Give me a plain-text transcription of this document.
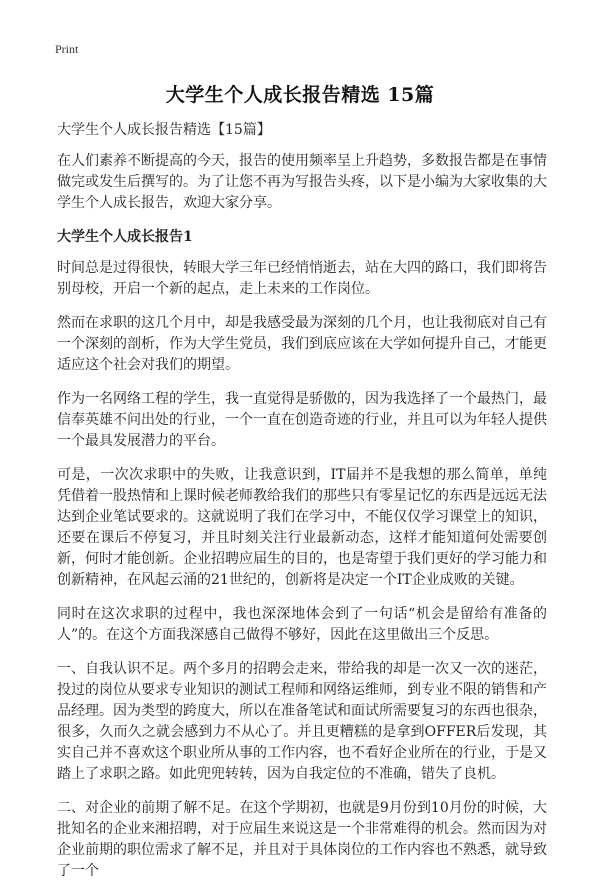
Print
大学生个人成长报告精选 15篇

大学生个人成长报告精选【15篇】

在人们素养不断提高的今天，报告的使用频率呈上升趋势，多数报告都是在事情做完或发生后撰写的。为了让您不再为写报告头疼，以下是小编为大家收集的大学生个人成长报告，欢迎大家分享。

大学生个人成长报告1

时间总是过得很快，转眼大学三年已经悄悄逝去，站在大四的路口，我们即将告别母校，开启一个新的起点，走上未来的工作岗位。

然而在求职的这几个月中，却是我感受最为深刻的几个月，也让我彻底对自己有一个深刻的剖析，作为大学生党员，我们到底应该在大学如何提升自己，才能更适应这个社会对我们的期望。

作为一名网络工程的学生，我一直觉得是骄傲的，因为我选择了一个最热门，最信奉英雄不问出处的行业，一个一直在创造奇迹的行业，并且可以为年轻人提供一个最具发展潜力的平台。

可是，一次次求职中的失败，让我意识到，IT届并不是我想的那么简单，单纯凭借着一股热情和上课时候老师教给我们的那些只有零星记忆的东西是远远无法达到企业笔试要求的。这就说明了我们在学习中，不能仅仅学习课堂上的知识，还要在课后不停复习，并且时刻关注行业最新动态，这样才能知道何处需要创新，何时才能创新。企业招聘应届生的目的，也是寄望于我们更好的学习能力和创新精神，在风起云涌的21世纪的，创新将是决定一个IT企业成败的关键。

同时在这次求职的过程中，我也深深地体会到了一句话“机会是留给有准备的人”的。在这个方面我深感自己做得不够好，因此在这里做出三个反思。

一、自我认识不足。两个多月的招聘会走来，带给我的却是一次又一次的迷茫，投过的岗位从要求专业知识的测试工程师和网络运维师，到专业不限的销售和产品经理。因为类型的跨度大，所以在准备笔试和面试所需要复习的东西也很杂，很多，久而久之就会感到力不从心了。并且更糟糕的是拿到OFFER后发现，其实自己并不喜欢这个职业所从事的工作内容，也不看好企业所在的行业，于是又踏上了求职之路。如此兜兜转转，因为自我定位的不准确，错失了良机。

二、对企业的前期了解不足。在这个学期初，也就是9月份到10月份的时候，大批知名的企业来湘招聘，对于应届生来说这是一个非常难得的机会。然而因为对企业前期的职位需求了解不足，并且对于具体岗位的工作内容也不熟悉，就导致了一个
